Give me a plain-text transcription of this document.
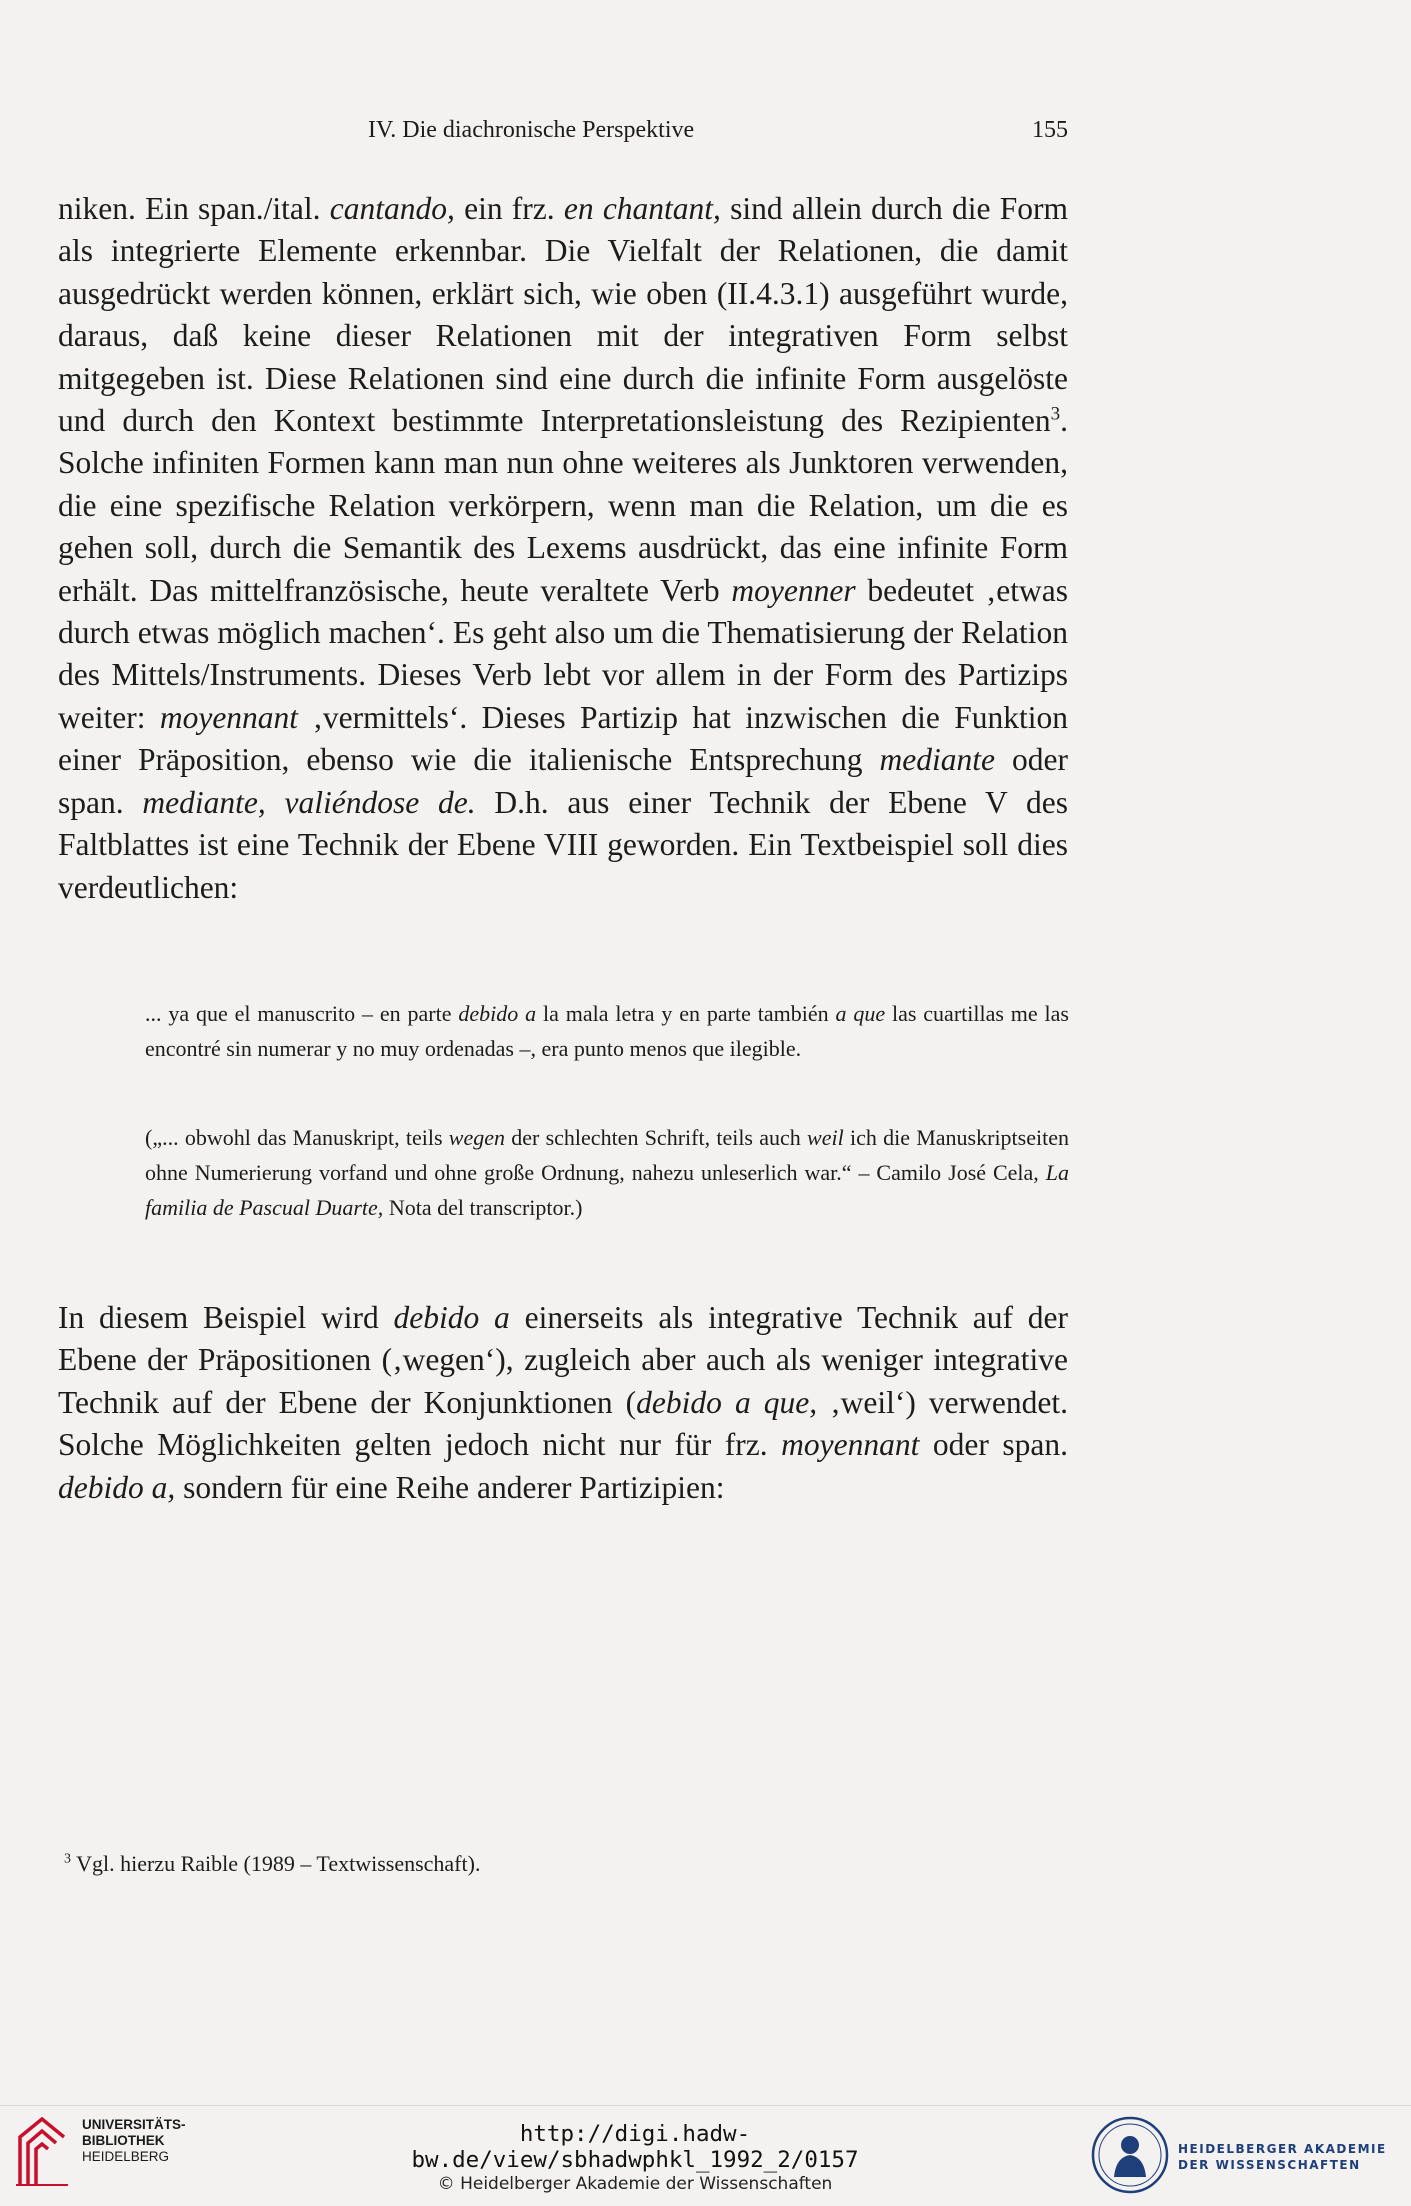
IV. Die diachronische Perspektive	155

niken. Ein span./ital. cantando, ein frz. en chantant, sind allein durch die Form als integrierte Elemente erkennbar. Die Vielfalt der Relationen, die damit ausgedrückt werden können, erklärt sich, wie oben (II.4.3.1) ausgeführt wurde, daraus, daß keine dieser Relationen mit der integrativen Form selbst mitgegeben ist. Diese Relationen sind eine durch die infinite Form ausgelöste und durch den Kontext bestimmte Interpretationsleistung des Rezipienten$^3$. Solche infiniten Formen kann man nun ohne weiteres als Junktoren verwenden, die eine spezifische Relation verkörpern, wenn man die Relation, um die es gehen soll, durch die Semantik des Lexems ausdrückt, das eine infinite Form erhält. Das mittelfranzösische, heute veraltete Verb moyenner bedeutet ‚etwas durch etwas möglich machen‘. Es geht also um die Thematisierung der Relation des Mittels/Instruments. Dieses Verb lebt vor allem in der Form des Partizips weiter: moyennant ‚vermittels‘. Dieses Partizip hat inzwischen die Funktion einer Präposition, ebenso wie die italienische Entsprechung mediante oder span. mediante, valiéndose de. D.h. aus einer Technik der Ebene V des Faltblattes ist eine Technik der Ebene VIII geworden. Ein Textbeispiel soll dies verdeutlichen:

... ya que el manuscrito – en parte debido a la mala letra y en parte también a que las cuartillas me las encontré sin numerar y no muy ordenadas –, era punto menos que ilegible.

(„... obwohl das Manuskript, teils wegen der schlechten Schrift, teils auch weil ich die Manuskriptseiten ohne Numerierung vorfand und ohne große Ordnung, nahezu unleserlich war.“ – Camilo José Cela, La familia de Pascual Duarte, Nota del transcriptor.)

In diesem Beispiel wird debido a einerseits als integrative Technik auf der Ebene der Präpositionen (‚wegen‘), zugleich aber auch als weniger integrative Technik auf der Ebene der Konjunktionen (debido a que, ‚weil‘) verwendet. Solche Möglichkeiten gelten jedoch nicht nur für frz. moyennant oder span. debido a, sondern für eine Reihe anderer Partizipien:

$^3$ Vgl. hierzu Raible (1989 – Textwissenschaft).

UNIVERSITÄTS-
BIBLIOTHEK
HEIDELBERG
http://digi.hadw-bw.de/view/sbhadwphkl_1992_2/0157
© Heidelberger Akademie der Wissenschaften
HEIDELBERGER AKADEMIE
DER WISSENSCHAFTEN
